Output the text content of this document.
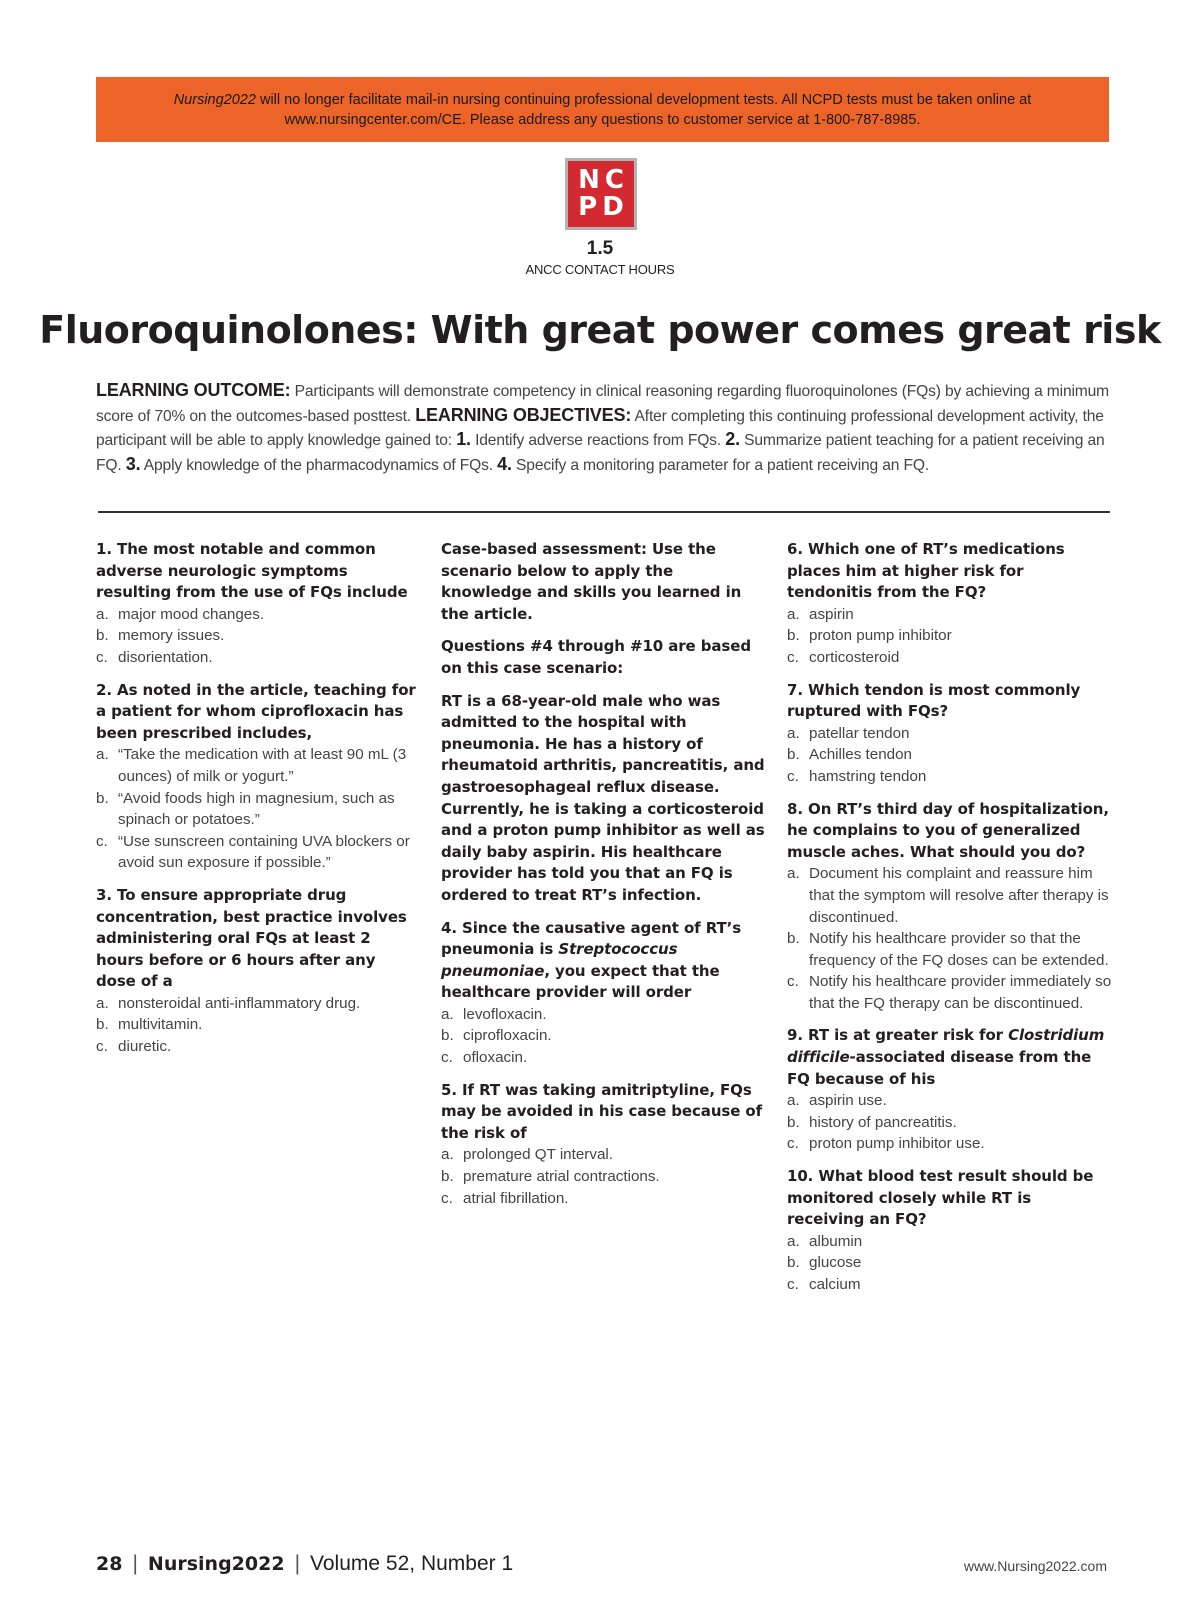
Nursing2022 will no longer facilitate mail-in nursing continuing professional development tests. All NCPD tests must be taken online at
www.nursingcenter.com/CE. Please address any questions to customer service at 1-800-787-8985.
NC
PD
1.5
ANCC CONTACT HOURS
Fluoroquinolones: With great power comes great risk
LEARNING OUTCOME: Participants will demonstrate competency in clinical reasoning regarding fluoroquinolones (FQs) by achieving a minimum score of 70% on the outcomes-based posttest. LEARNING OBJECTIVES: After completing this continuing professional development activity, the participant will be able to apply knowledge gained to: 1. Identify adverse reactions from FQs. 2. Summarize patient teaching for a patient receiving an FQ. 3. Apply knowledge of the pharmacodynamics of FQs. 4. Specify a monitoring parameter for a patient receiving an FQ.
1. The most notable and common adverse neurologic symptoms resulting from the use of FQs include
a. major mood changes.
b. memory issues.
c. disorientation.
2. As noted in the article, teaching for a patient for whom ciprofloxacin has been prescribed includes,
a. “Take the medication with at least 90 mL (3 ounces) of milk or yogurt.”
b. “Avoid foods high in magnesium, such as spinach or potatoes.”
c. “Use sunscreen containing UVA blockers or avoid sun exposure if possible.”
3. To ensure appropriate drug concentration, best practice involves administering oral FQs at least 2 hours before or 6 hours after any dose of a
a. nonsteroidal anti-inflammatory drug.
b. multivitamin.
c. diuretic.
Case-based assessment: Use the scenario below to apply the knowledge and skills you learned in the article.
Questions #4 through #10 are based on this case scenario:
RT is a 68-year-old male who was admitted to the hospital with pneumonia. He has a history of rheumatoid arthritis, pancreatitis, and gastroesophageal reflux disease. Currently, he is taking a corticosteroid and a proton pump inhibitor as well as daily baby aspirin. His healthcare provider has told you that an FQ is ordered to treat RT’s infection.
4. Since the causative agent of RT’s pneumonia is Streptococcus pneumoniae, you expect that the healthcare provider will order
a. levofloxacin.
b. ciprofloxacin.
c. ofloxacin.
5. If RT was taking amitriptyline, FQs may be avoided in his case because of the risk of
a. prolonged QT interval.
b. premature atrial contractions.
c. atrial fibrillation.
6. Which one of RT’s medications places him at higher risk for tendonitis from the FQ?
a. aspirin
b. proton pump inhibitor
c. corticosteroid
7. Which tendon is most commonly ruptured with FQs?
a. patellar tendon
b. Achilles tendon
c. hamstring tendon
8. On RT’s third day of hospitalization, he complains to you of generalized muscle aches. What should you do?
a. Document his complaint and reassure him that the symptom will resolve after therapy is discontinued.
b. Notify his healthcare provider so that the frequency of the FQ doses can be extended.
c. Notify his healthcare provider immediately so that the FQ therapy can be discontinued.
9. RT is at greater risk for Clostridium difficile-associated disease from the FQ because of his
a. aspirin use.
b. history of pancreatitis.
c. proton pump inhibitor use.
10. What blood test result should be monitored closely while RT is receiving an FQ?
a. albumin
b. glucose
c. calcium
28 | Nursing2022 | Volume 52, Number 1	www.Nursing2022.com
